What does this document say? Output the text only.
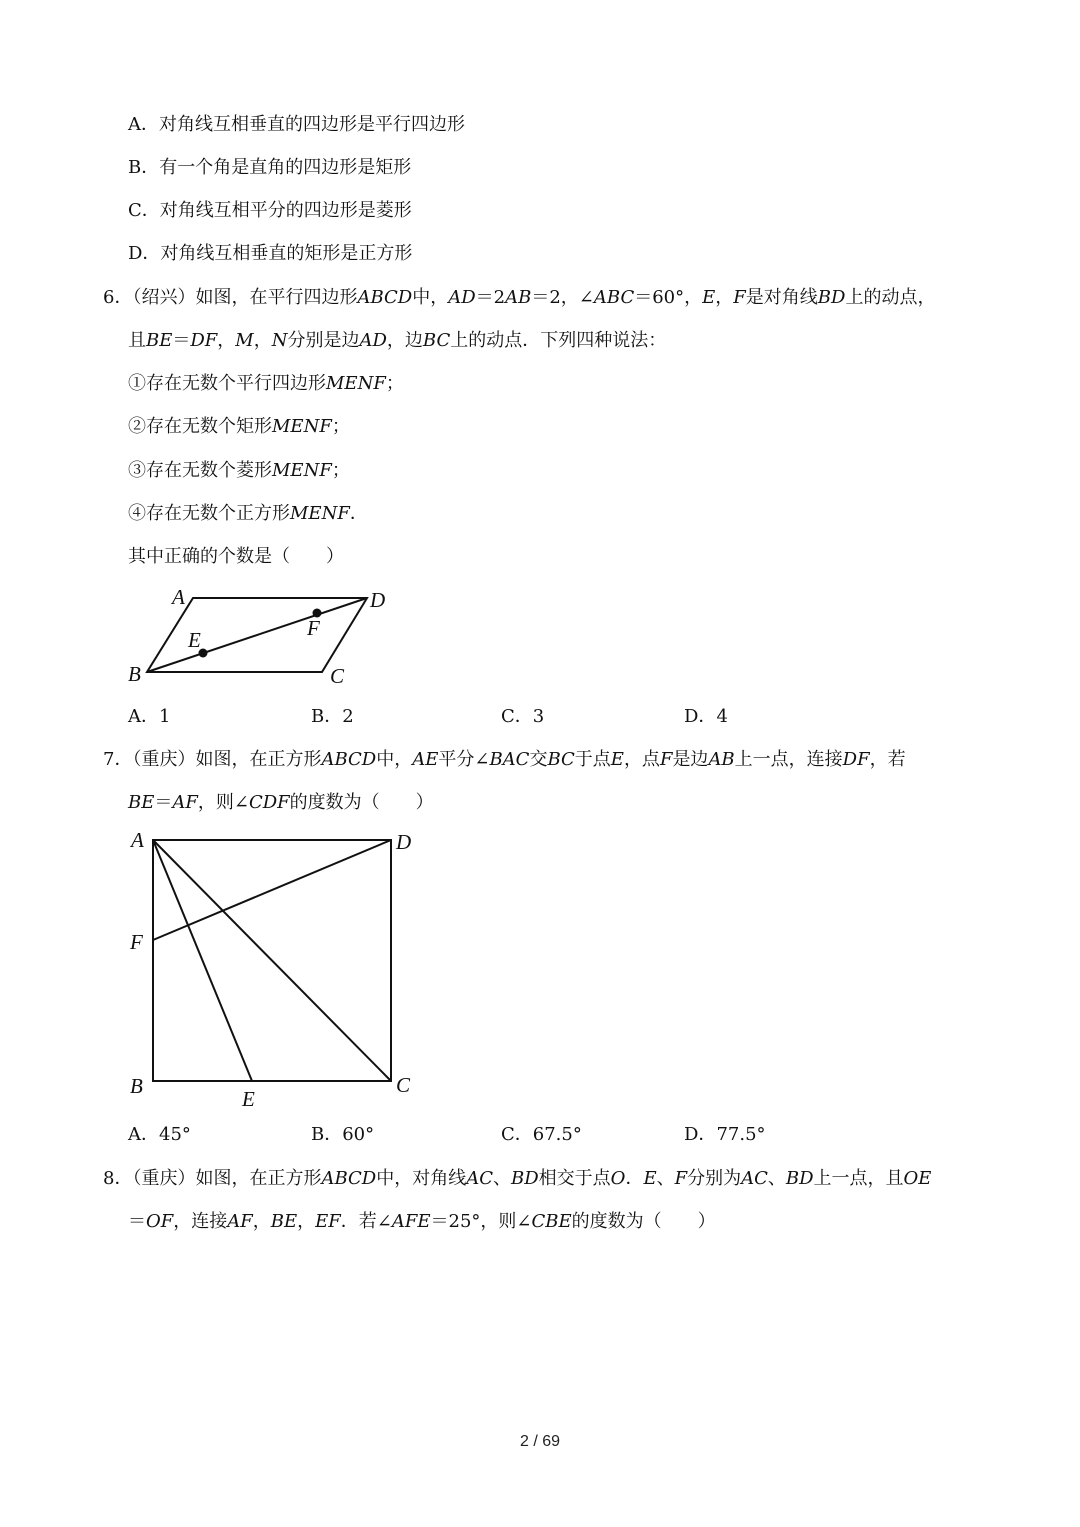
A．对角线互相垂直的四边形是平行四边形
B．有一个角是直角的四边形是矩形
C．对角线互相平分的四边形是菱形
D．对角线互相垂直的矩形是正方形
6．（绍兴）如图，在平行四边形ABCD中，AD＝2AB＝2，∠ABC＝60°，E，F是对角线BD上的动点，
且BE＝DF，M，N分别是边AD，边BC上的动点．下列四种说法：
①存在无数个平行四边形MENF；
②存在无数个矩形MENF；
③存在无数个菱形MENF；
④存在无数个正方形MENF．
其中正确的个数是（　　）
A	D
B	C
E	F
A．1	B．2	C．3	D．4
7．（重庆）如图，在正方形ABCD中，AE平分∠BAC交BC于点E，点F是边AB上一点，连接DF，若
BE＝AF，则∠CDF的度数为（　　）
A	D
F
B	C
E
A．45°	B．60°	C．67.5°	D．77.5°
8．（重庆）如图，在正方形ABCD中，对角线AC、BD相交于点O．E、F分别为AC、BD上一点，且OE
＝OF，连接AF，BE，EF．若∠AFE＝25°，则∠CBE的度数为（　　）
2 / 69
